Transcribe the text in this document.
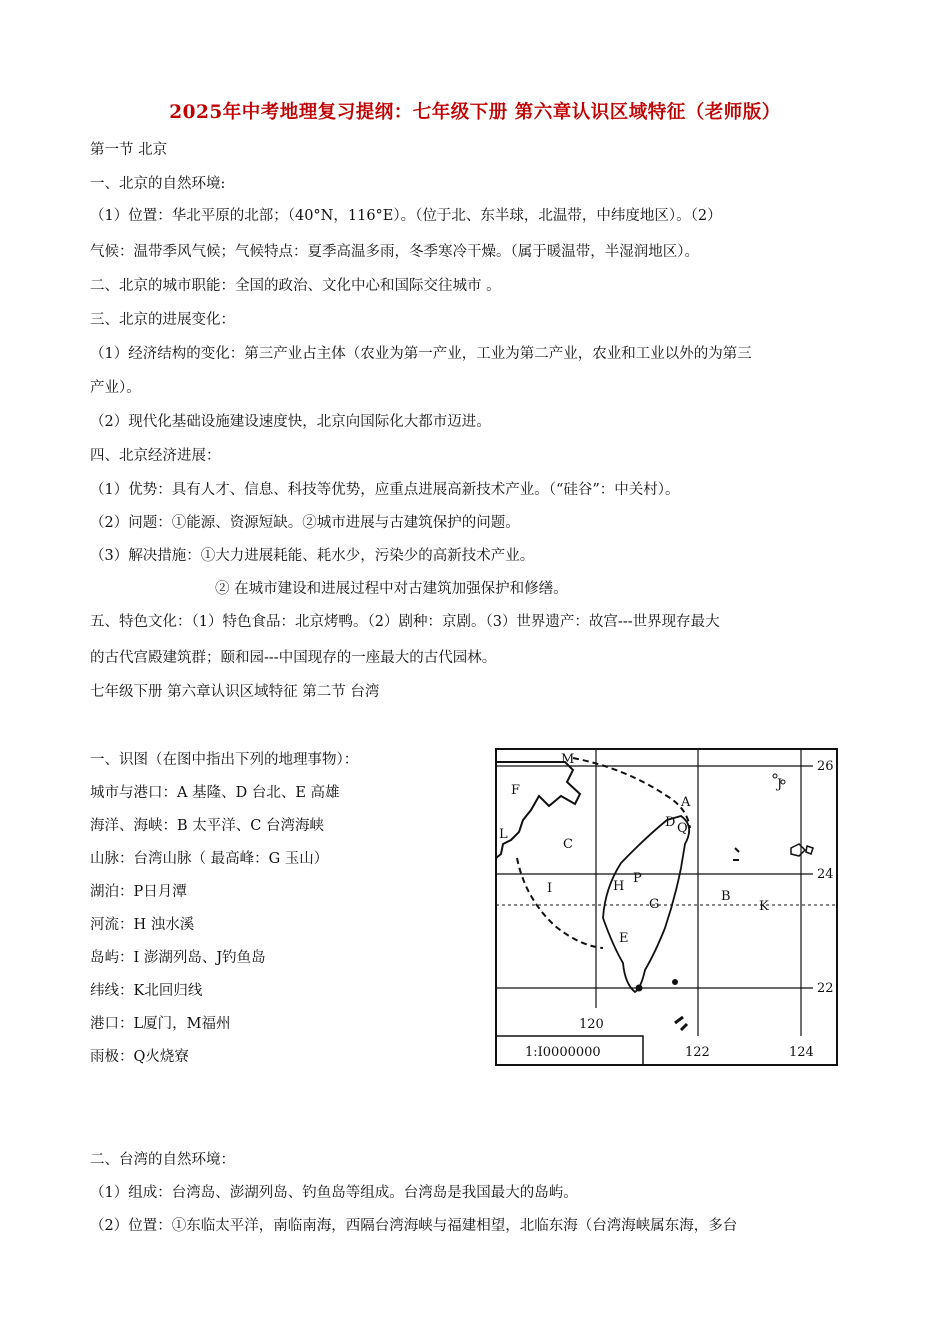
2025年中考地理复习提纲：七年级下册 第六章认识区域特征（老师版）
第一节 北京
一、北京的自然环境:
（1）位置：华北平原的北部；（40°N，116°E）。（位于北、东半球，北温带，中纬度地区）。（2）
气候：温带季风气候；气候特点：夏季高温多雨，冬季寒冷干燥。（属于暖温带，半湿润地区）。
二、北京的城市职能：全国的政治、文化中心和国际交往城市 。
三、北京的进展变化：
（1）经济结构的变化：第三产业占主体（农业为第一产业，工业为第二产业，农业和工业以外的为第三
产业）。
（2）现代化基础设施建设速度快，北京向国际化大都市迈进。
四、北京经济进展：
（1）优势：具有人才、信息、科技等优势，应重点进展高新技术产业。（“硅谷”：中关村）。
（2）问题：①能源、资源短缺。②城市进展与古建筑保护的问题。
（3）解决措施：①大力进展耗能、耗水少，污染少的高新技术产业。
② 在城市建设和进展过程中对古建筑加强保护和修缮。
五、特色文化：（1）特色食品：北京烤鸭。（2）剧种：京剧。（3）世界遗产：故宫---世界现存最大
的古代宫殿建筑群；颐和园---中国现存的一座最大的古代园林。
七年级下册 第六章认识区域特征 第二节 台湾
一、识图（在图中指出下列的地理事物）：
城市与港口：A 基隆、D 台北、E 高雄
海洋、海峡：B 太平洋、C 台湾海峡
山脉：台湾山脉（ 最高峰：G 玉山）
湖泊：P日月潭
河流：H 浊水溪
岛屿：I 澎湖列岛、J钓鱼岛
纬线：K北回归线
港口：L厦门，M福州
雨极：Q火烧寮
二、台湾的自然环境：
（1）组成：台湾岛、澎湖列岛、钓鱼岛等组成。台湾岛是我国最大的岛屿。
（2）位置：①东临太平洋，南临南海，西隔台湾海峡与福建相望，北临东海（台湾海峡属东海，多台
M
F
A
D Q
J
L
C
P
H
I
G
B
K
E
26
24
22
120
122	124
1:I0000000
